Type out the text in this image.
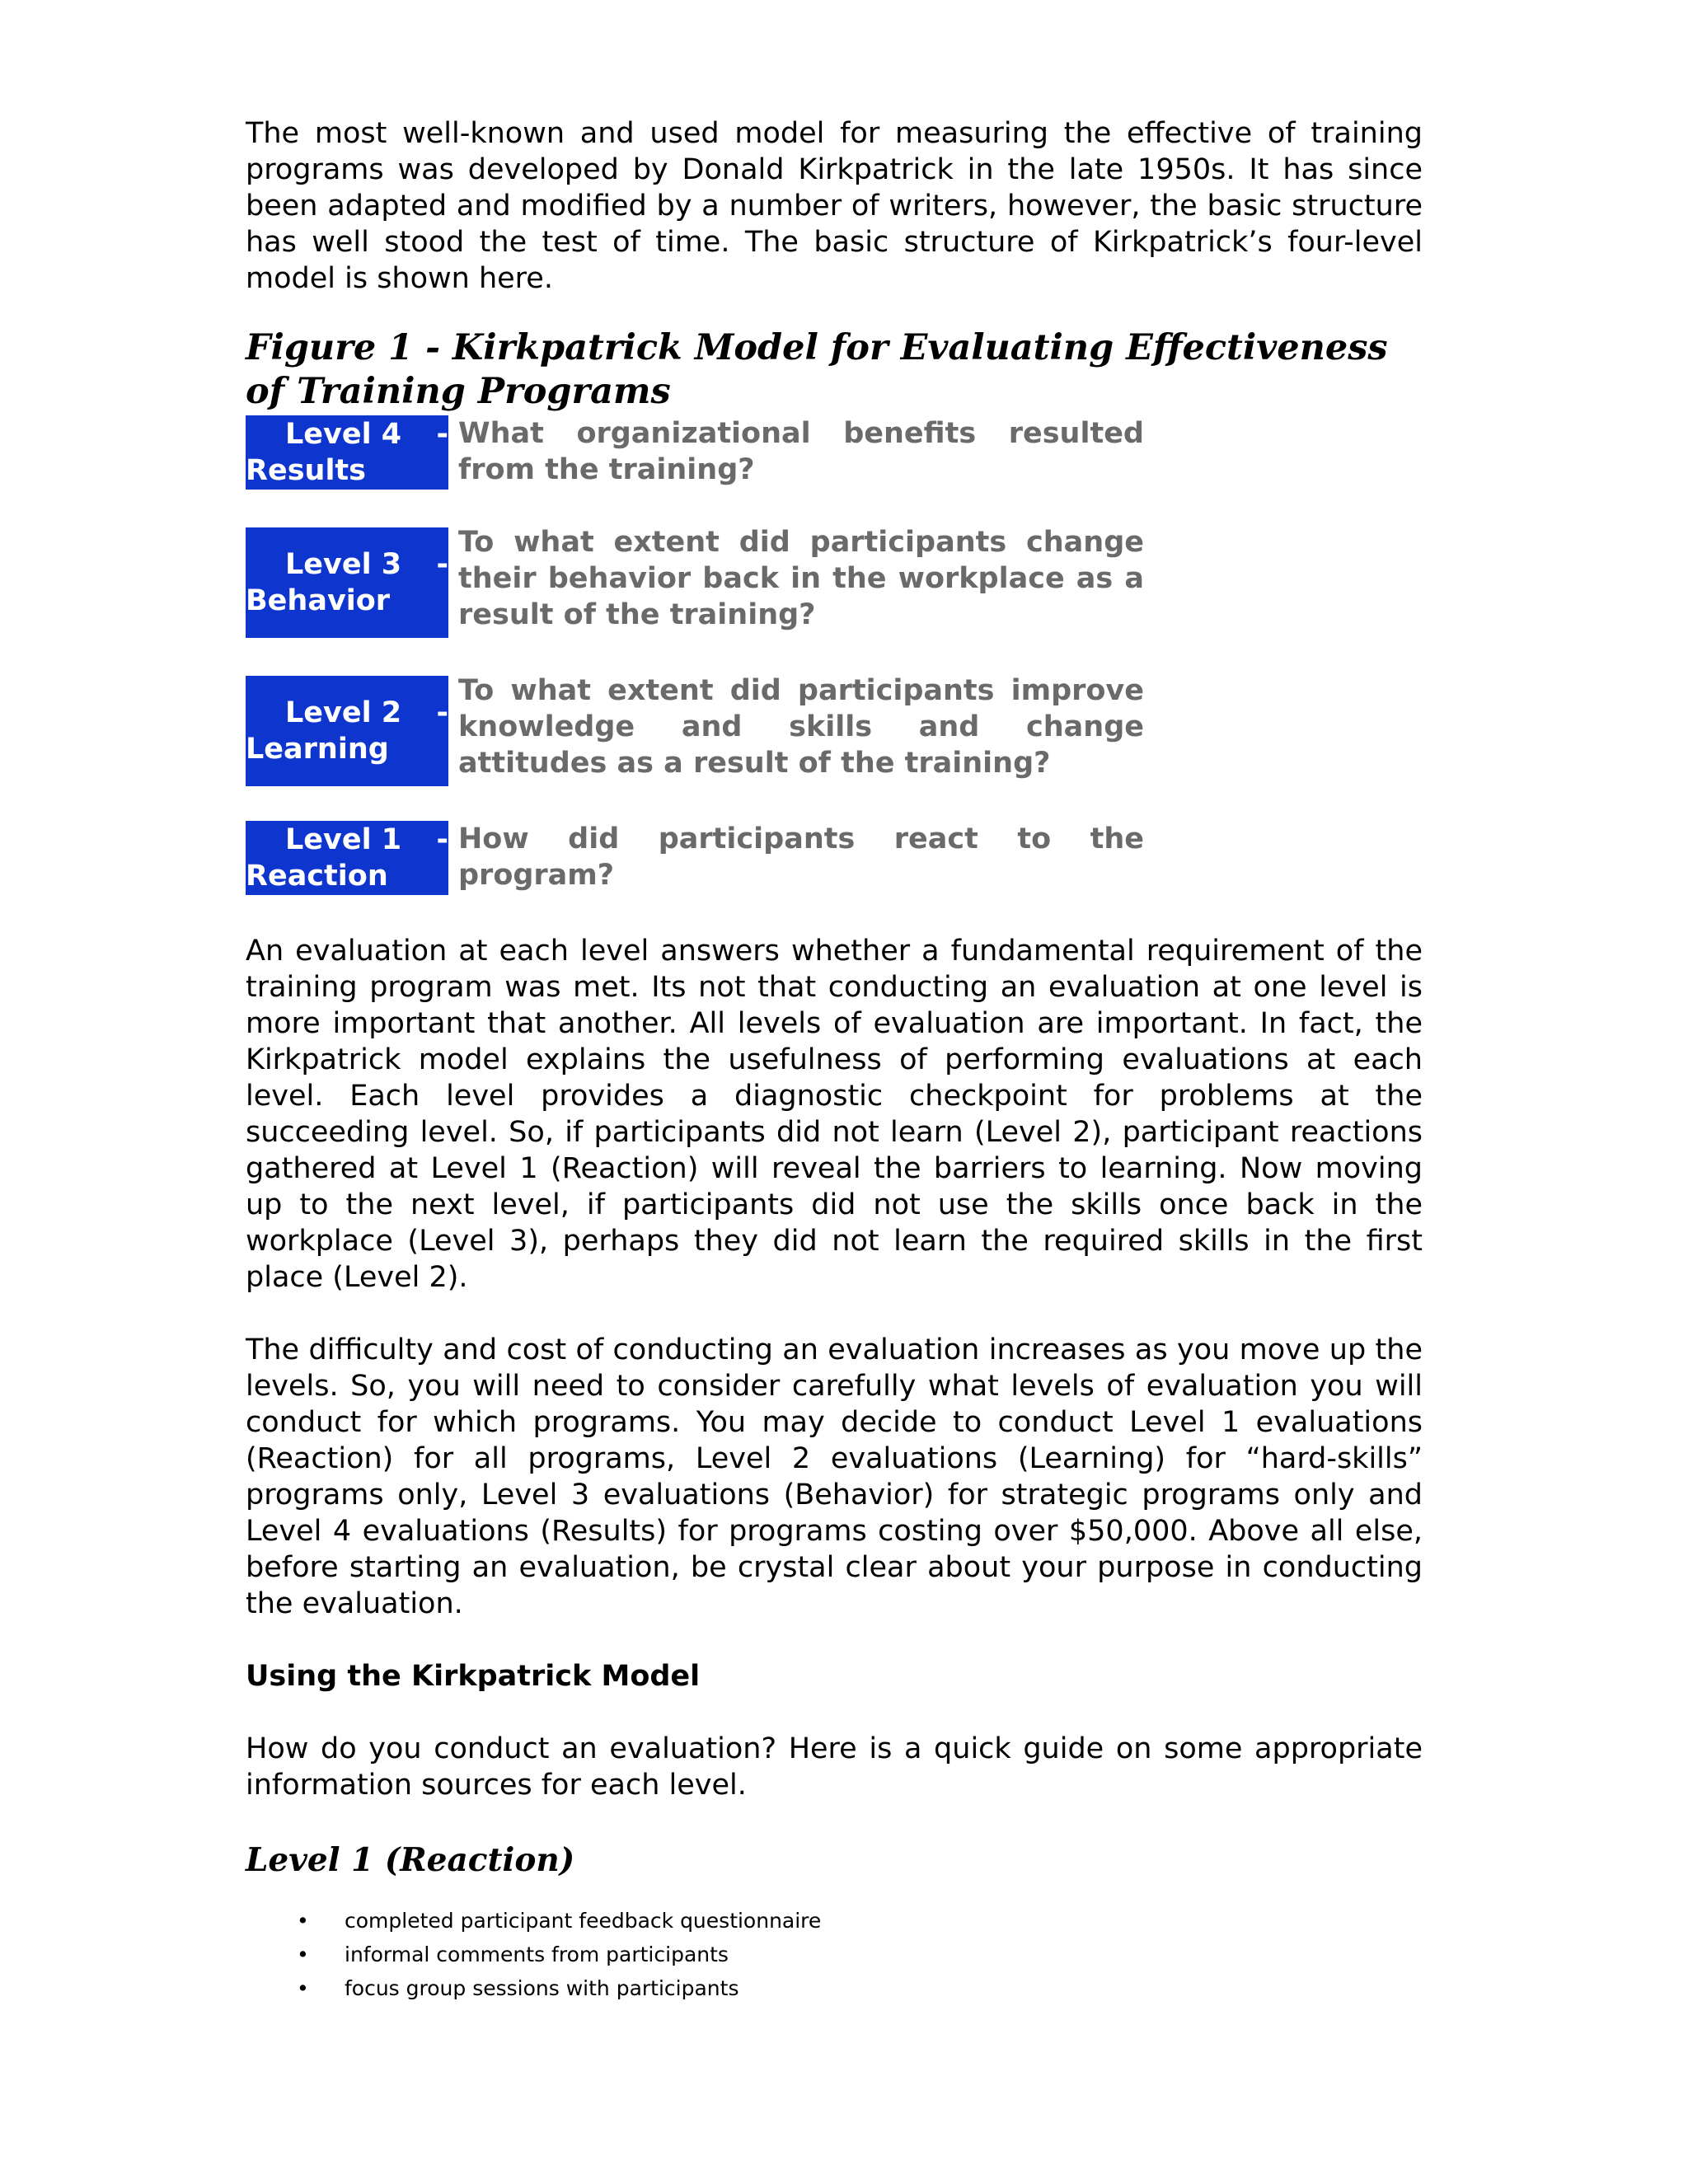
The most well-known and used model for measuring the effective of training programs was developed by Donald Kirkpatrick in the late 1950s. It has since been adapted and modified by a number of writers, however, the basic structure has well stood the test of time. The basic structure of Kirkpatrick’s four-level model is shown here.

Figure 1 - Kirkpatrick Model for Evaluating Effectiveness of Training Programs
Level 4 -
Results
What organizational benefits resulted from the training?
Level 3 -
Behavior
To what extent did participants change their behavior back in the workplace as a result of the training?
Level 2 -
Learning
To what extent did participants improve knowledge and skills and change attitudes as a result of the training?
Level 1 -
Reaction
How did participants react to the program?

An evaluation at each level answers whether a fundamental requirement of the training program was met. Its not that conducting an evaluation at one level is more important that another. All levels of evaluation are important. In fact, the Kirkpatrick model explains the usefulness of performing evaluations at each level. Each level provides a diagnostic checkpoint for problems at the succeeding level. So, if participants did not learn (Level 2), participant reactions gathered at Level 1 (Reaction) will reveal the barriers to learning. Now moving up to the next level, if participants did not use the skills once back in the workplace (Level 3), perhaps they did not learn the required skills in the first place (Level 2).

The difficulty and cost of conducting an evaluation increases as you move up the levels. So, you will need to consider carefully what levels of evaluation you will conduct for which programs. You may decide to conduct Level 1 evaluations (Reaction) for all programs, Level 2 evaluations (Learning) for “hard-skills” programs only, Level 3 evaluations (Behavior) for strategic programs only and Level 4 evaluations (Results) for programs costing over $50,000. Above all else, before starting an evaluation, be crystal clear about your purpose in conducting the evaluation.

Using the Kirkpatrick Model

How do you conduct an evaluation? Here is a quick guide on some appropriate information sources for each level.

Level 1 (Reaction)
• completed participant feedback questionnaire
• informal comments from participants
• focus group sessions with participants
